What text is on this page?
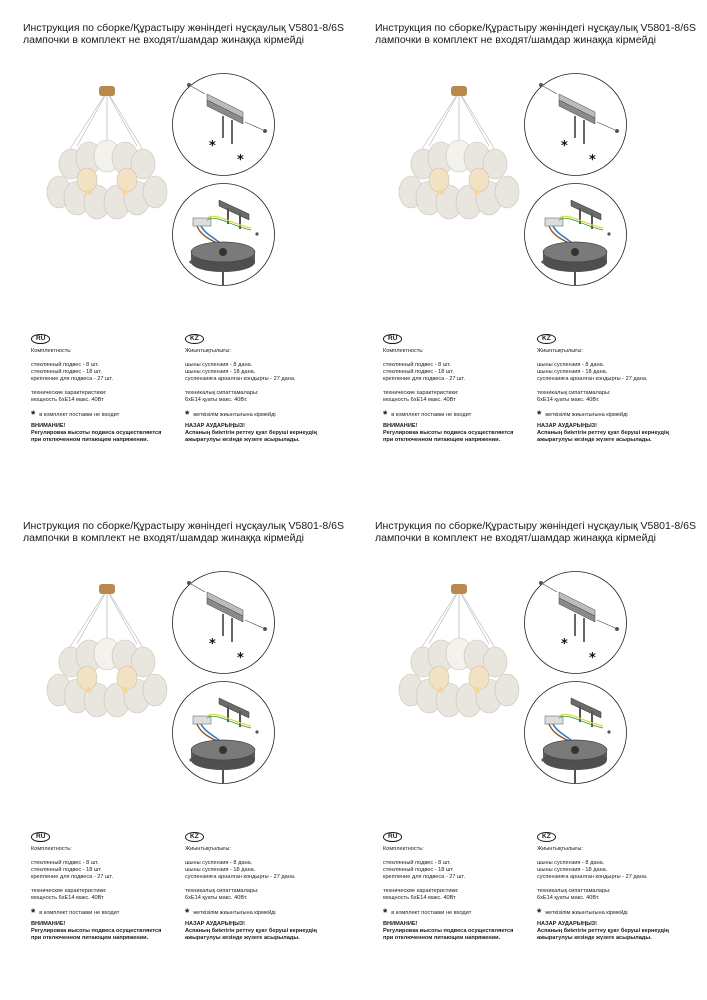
Инструкция по сборке/Құрастыру жөніндегі нұсқаулық V5801-8/6S
лампочки в комплект не входят/шамдар жинаққа кірмейді
*
*
RU
Комплектность:
стеклянный подвес - 8 шт.
стеклянный подвес - 18 шт.
крепление для подвеса - 27 шт.
технические характеристики:
мощность 6хЕ14 макс. 40Вт
* в комплект поставки не входит
ВНИМАНИЕ!
Регулировка высоты подвеса осуществляется
при отключенном питающем напряжении.
KZ
Жиынтықтылығы:
шыны суспензия - 8 дана.
шыны суспензия - 18 дана.
суспензияға арналған кондырғы - 27 дана.
техникалық сипаттамалары:
6хЕ14 қуаты макс. 40Вт.
* жеткізілім жиынтығына кірмейді
НАЗАР АУДАРЫҢЫЗ!
Аспаның биіктігін реттеу қуат беруші кернеудің
ажыратулуы кезінде жүзеге асырылады.
Инструкция по сборке/Құрастыру жөніндегі нұсқаулық V5801-8/6S
лампочки в комплект не входят/шамдар жинаққа кірмейді
*
*
RU
Комплектность:
стеклянный подвес - 8 шт.
стеклянный подвес - 18 шт.
крепление для подвеса - 27 шт.
технические характеристики:
мощность 6хЕ14 макс. 40Вт
* в комплект поставки не входит
ВНИМАНИЕ!
Регулировка высоты подвеса осуществляется
при отключенном питающем напряжении.
KZ
Жиынтықтылығы:
шыны суспензия - 8 дана.
шыны суспензия - 18 дана.
суспензияға арналған кондырғы - 27 дана.
техникалық сипаттамалары:
6хЕ14 қуаты макс. 40Вт.
* жеткізілім жиынтығына кірмейді
НАЗАР АУДАРЫҢЫЗ!
Аспаның биіктігін реттеу қуат беруші кернеудің
ажыратулуы кезінде жүзеге асырылады.
Инструкция по сборке/Құрастыру жөніндегі нұсқаулық V5801-8/6S
лампочки в комплект не входят/шамдар жинаққа кірмейді
*
*
RU
Комплектность:
стеклянный подвес - 8 шт.
стеклянный подвес - 18 шт.
крепление для подвеса - 27 шт.
технические характеристики:
мощность 6хЕ14 макс. 40Вт
* в комплект поставки не входит
ВНИМАНИЕ!
Регулировка высоты подвеса осуществляется
при отключенном питающем напряжении.
KZ
Жиынтықтылығы:
шыны суспензия - 8 дана.
шыны суспензия - 18 дана.
суспензияға арналған кондырғы - 27 дана.
техникалық сипаттамалары:
6хЕ14 қуаты макс. 40Вт.
* жеткізілім жиынтығына кірмейді
НАЗАР АУДАРЫҢЫЗ!
Аспаның биіктігін реттеу қуат беруші кернеудің
ажыратулуы кезінде жүзеге асырылады.
Инструкция по сборке/Құрастыру жөніндегі нұсқаулық V5801-8/6S
лампочки в комплект не входят/шамдар жинаққа кірмейді
*
*
RU
Комплектность:
стеклянный подвес - 8 шт.
стеклянный подвес - 18 шт.
крепление для подвеса - 27 шт.
технические характеристики:
мощность 6хЕ14 макс. 40Вт
* в комплект поставки не входит
ВНИМАНИЕ!
Регулировка высоты подвеса осуществляется
при отключенном питающем напряжении.
KZ
Жиынтықтылығы:
шыны суспензия - 8 дана.
шыны суспензия - 18 дана.
суспензияға арналған кондырғы - 27 дана.
техникалық сипаттамалары:
6хЕ14 қуаты макс. 40Вт.
* жеткізілім жиынтығына кірмейді
НАЗАР АУДАРЫҢЫЗ!
Аспаның биіктігін реттеу қуат беруші кернеудің
ажыратулуы кезінде жүзеге асырылады.
